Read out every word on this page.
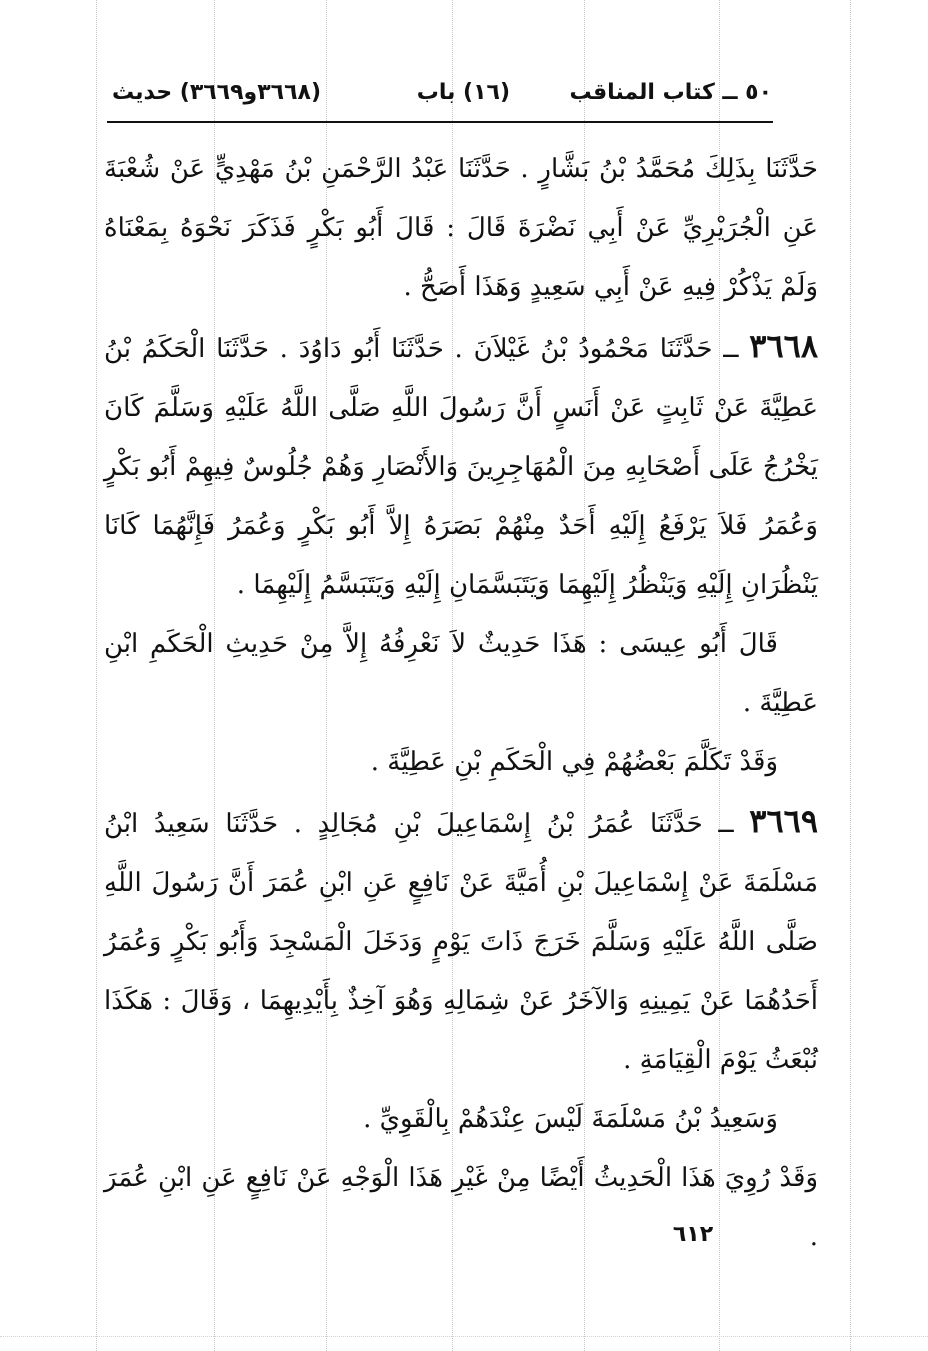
٥٠ ــ كتاب المناقب
(١٦) باب
(٣٦٦٨و٣٦٦٩) حديث

حَدَّثَنَا بِذَلِكَ مُحَمَّدُ بْنُ بَشَّارٍ . حَدَّثَنَا عَبْدُ الرَّحْمَنِ بْنُ مَهْدِيٍّ عَنْ شُعْبَةَ عَنِ الْجُرَيْرِيِّ عَنْ أَبِي نَضْرَةَ قَالَ : قَالَ أَبُو بَكْرٍ فَذَكَرَ نَحْوَهُ بِمَعْنَاهُ وَلَمْ يَذْكُرْ فِيهِ عَنْ أَبِي سَعِيدٍ وَهَذَا أَصَحُّ .

٣٦٦٨ ــ حَدَّثَنَا مَحْمُودُ بْنُ غَيْلاَنَ . حَدَّثَنَا أَبُو دَاوُدَ . حَدَّثَنَا الْحَكَمُ بْنُ عَطِيَّةَ عَنْ ثَابِتٍ عَنْ أَنَسٍ أَنَّ رَسُولَ اللَّهِ صَلَّى اللَّهُ عَلَيْهِ وَسَلَّمَ كَانَ يَخْرُجُ عَلَى أَصْحَابِهِ مِنَ الْمُهَاجِرِينَ وَالأَنْصَارِ وَهُمْ جُلُوسٌ فِيهِمْ أَبُو بَكْرٍ وَعُمَرُ فَلاَ يَرْفَعُ إِلَيْهِ أَحَدٌ مِنْهُمْ بَصَرَهُ إِلاَّ أَبُو بَكْرٍ وَعُمَرُ فَإِنَّهُمَا كَانَا يَنْظُرَانِ إِلَيْهِ وَيَنْظُرُ إِلَيْهِمَا وَيَتَبَسَّمَانِ إِلَيْهِ وَيَتَبَسَّمُ إِلَيْهِمَا .

قَالَ أَبُو عِيسَى : هَذَا حَدِيثٌ لاَ نَعْرِفُهُ إِلاَّ مِنْ حَدِيثِ الْحَكَمِ ابْنِ عَطِيَّةَ .

وَقَدْ تَكَلَّمَ بَعْضُهُمْ فِي الْحَكَمِ بْنِ عَطِيَّةَ .

٣٦٦٩ ــ حَدَّثَنَا عُمَرُ بْنُ إِسْمَاعِيلَ بْنِ مُجَالِدٍ . حَدَّثَنَا سَعِيدُ ابْنُ مَسْلَمَةَ عَنْ إِسْمَاعِيلَ بْنِ أُمَيَّةَ عَنْ نَافِعٍ عَنِ ابْنِ عُمَرَ أَنَّ رَسُولَ اللَّهِ صَلَّى اللَّهُ عَلَيْهِ وَسَلَّمَ خَرَجَ ذَاتَ يَوْمٍ وَدَخَلَ الْمَسْجِدَ وَأَبُو بَكْرٍ وَعُمَرُ أَحَدُهُمَا عَنْ يَمِينِهِ وَالآخَرُ عَنْ شِمَالِهِ وَهُوَ آخِذٌ بِأَيْدِيهِمَا ، وَقَالَ : هَكَذَا نُبْعَثُ يَوْمَ الْقِيَامَةِ .

وَسَعِيدُ بْنُ مَسْلَمَةَ لَيْسَ عِنْدَهُمْ بِالْقَوِيِّ .

وَقَدْ رُوِيَ هَذَا الْحَدِيثُ أَيْضًا مِنْ غَيْرِ هَذَا الْوَجْهِ عَنْ نَافِعٍ عَنِ ابْنِ عُمَرَ .

٦١٢
